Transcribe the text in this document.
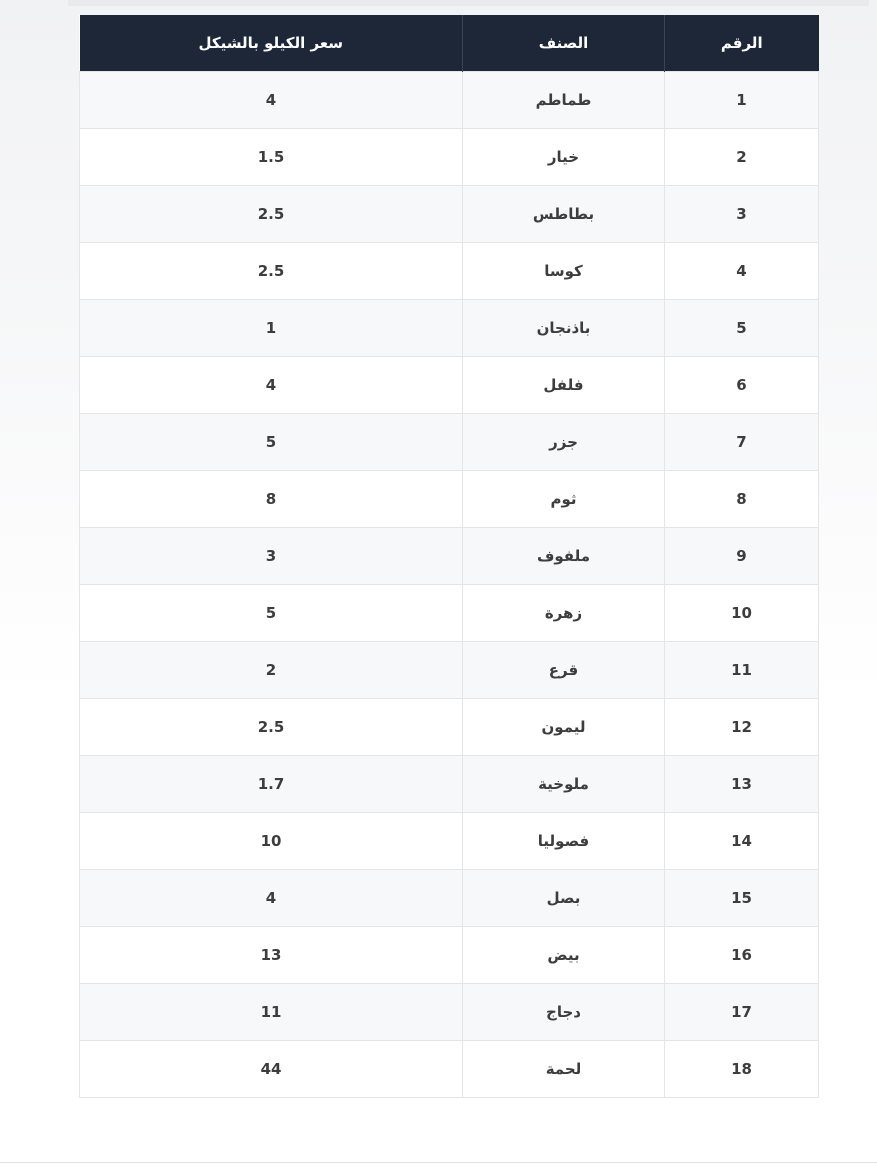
الرقم	الصنف	سعر الكيلو بالشيكل
1	طماطم	4
2	خيار	1.5
3	بطاطس	2.5
4	كوسا	2.5
5	باذنجان	1
6	فلفل	4
7	جزر	5
8	ثوم	8
9	ملفوف	3
10	زهرة	5
11	قرع	2
12	ليمون	2.5
13	ملوخية	1.7
14	فصوليا	10
15	بصل	4
16	بيض	13
17	دجاج	11
18	لحمة	44
